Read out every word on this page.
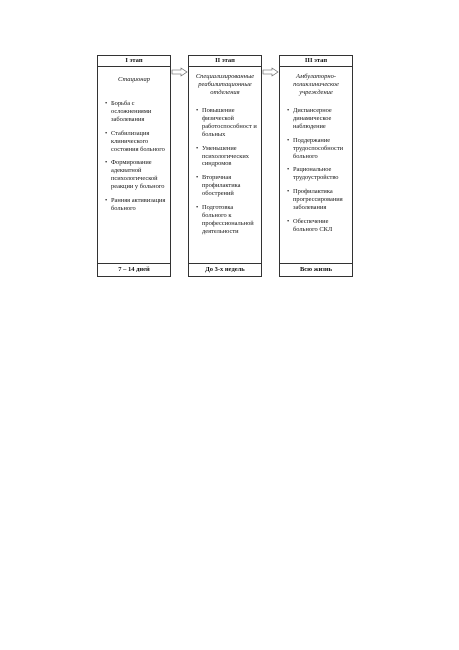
I этап
Стационар
• Борьба с осложнениями заболевания
• Стабилизация клинического состояния больного
• Формирование адекватной психологической реакции у больного
• Ранняя активизация больного
7 – 14 дней
II этап
Специализированные реабилитационные отделения
• Повышение физической работоспособност и больных
• Уменьшение психологических синдромов
• Вторичная профилактика обострений
• Подготовка больного к профессиональной деятельности
До 3-х недель
III этап
Амбулаторно-поликлиническое учреждение
• Диспансерное динамическое наблюдение
• Поддержание трудоспособности больного
• Рациональное трудоустройство
• Профилактика прогрессирования заболевания
• Обеспечение больного СКЛ
Всю жизнь
